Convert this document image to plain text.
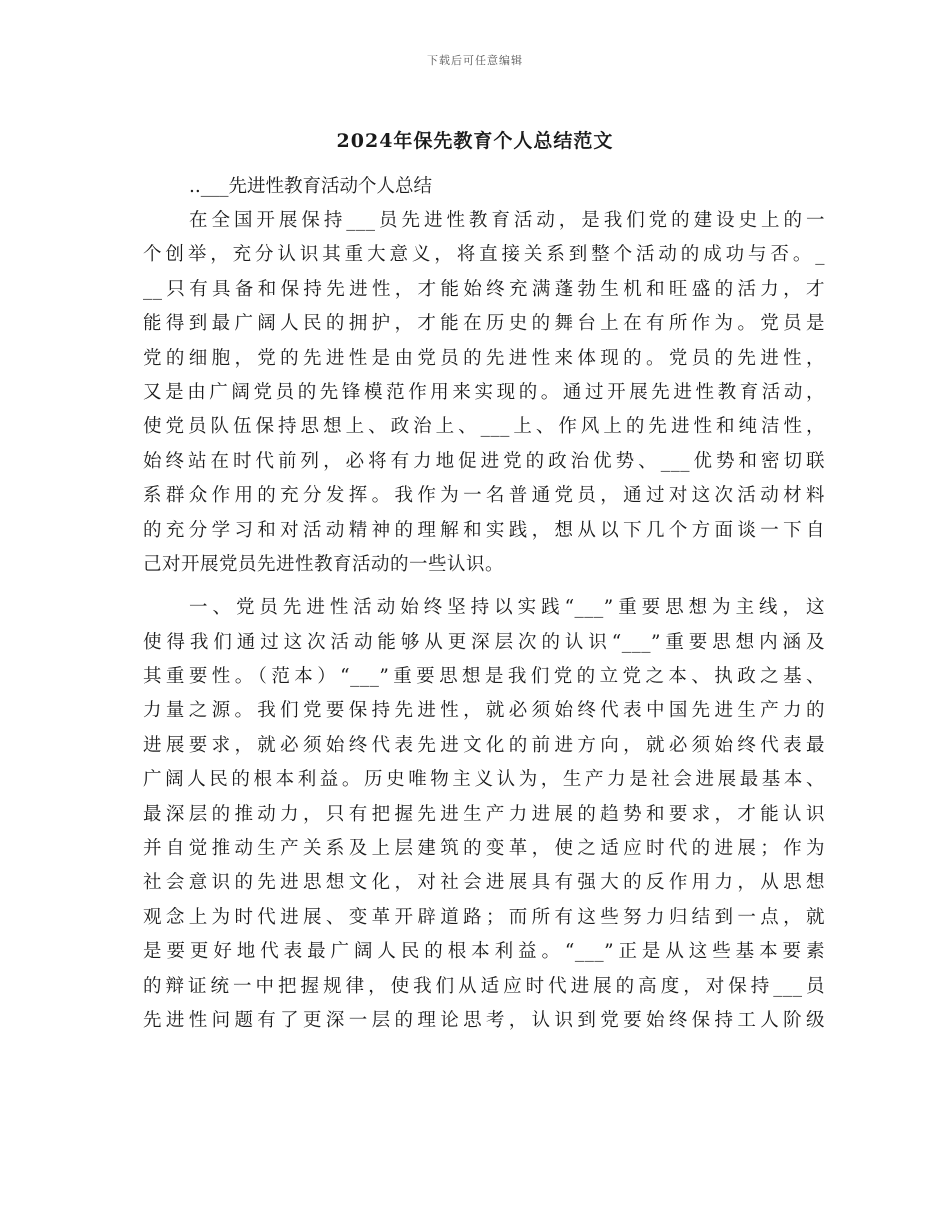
下载后可任意编辑
2024年保先教育个人总结范文

..___先进性教育活动个人总结

在全国开展保持___员先进性教育活动，是我们党的建设史上的一
个创举，充分认识其重大意义，将直接关系到整个活动的成功与否。_
__只有具备和保持先进性，才能始终充满蓬勃生机和旺盛的活力，才
能得到最广阔人民的拥护，才能在历史的舞台上在有所作为。党员是
党的细胞，党的先进性是由党员的先进性来体现的。党员的先进性，
又是由广阔党员的先锋模范作用来实现的。通过开展先进性教育活动，
使党员队伍保持思想上、政治上、___上、作风上的先进性和纯洁性，
始终站在时代前列，必将有力地促进党的政治优势、___优势和密切联
系群众作用的充分发挥。我作为一名普通党员，通过对这次活动材料
的充分学习和对活动精神的理解和实践，想从以下几个方面谈一下自
己对开展党员先进性教育活动的一些认识。
一、党员先进性活动始终坚持以实践“___”重要思想为主线，这
使得我们通过这次活动能够从更深层次的认识“___”重要思想内涵及
其重要性。（范本）“___”重要思想是我们党的立党之本、执政之基、
力量之源。我们党要保持先进性，就必须始终代表中国先进生产力的
进展要求，就必须始终代表先进文化的前进方向，就必须始终代表最
广阔人民的根本利益。历史唯物主义认为，生产力是社会进展最基本、
最深层的推动力，只有把握先进生产力进展的趋势和要求，才能认识
并自觉推动生产关系及上层建筑的变革，使之适应时代的进展；作为
社会意识的先进思想文化，对社会进展具有强大的反作用力，从思想
观念上为时代进展、变革开辟道路；而所有这些努力归结到一点，就
是要更好地代表最广阔人民的根本利益。“___”正是从这些基本要素
的辩证统一中把握规律，使我们从适应时代进展的高度，对保持___员
先进性问题有了更深一层的理论思考，认识到党要始终保持工人阶级
